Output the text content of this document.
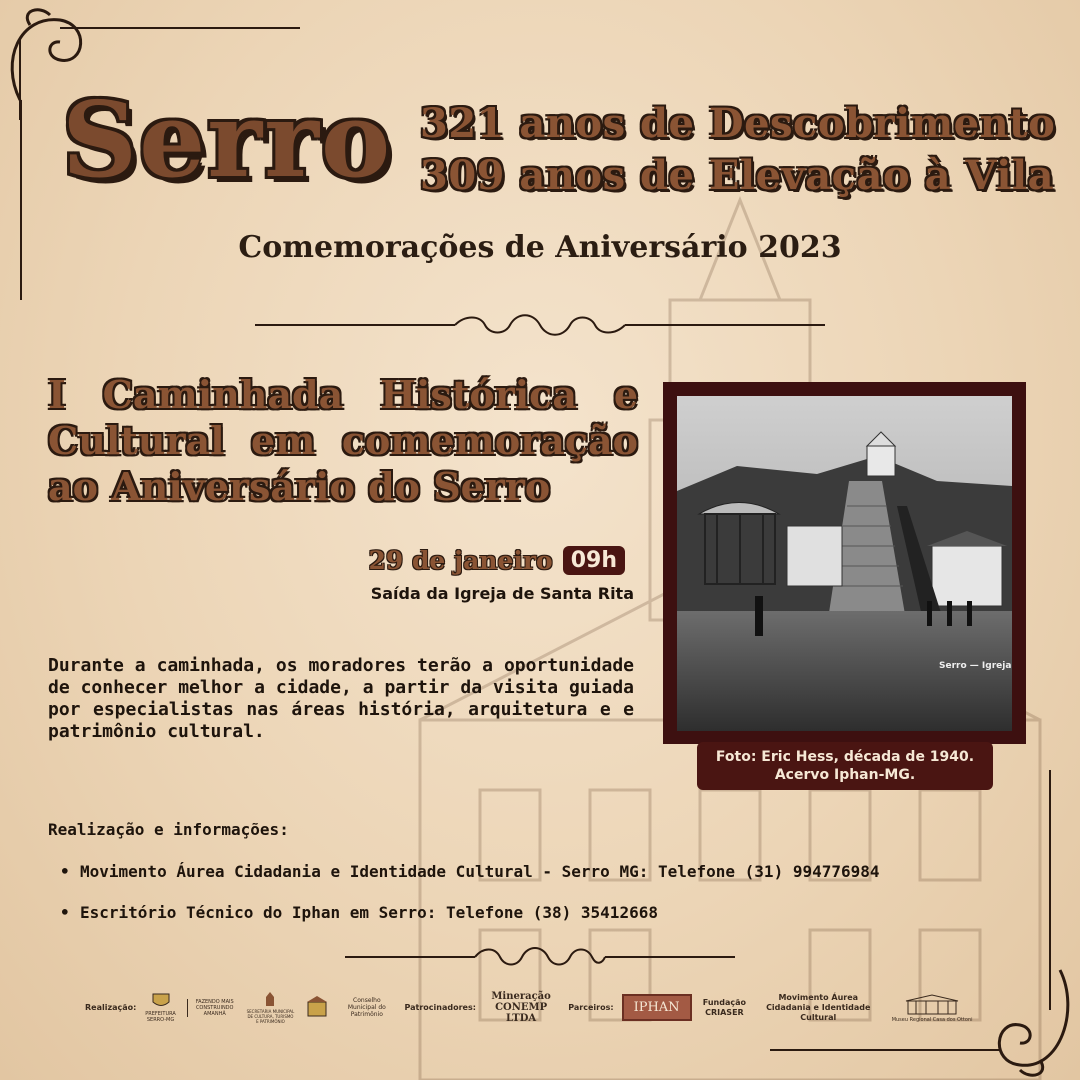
Serro 321 anos de Descobrimento
309 anos de Elevação à Vila
Comemorações de Aniversário 2023
I Caminhada Histórica e Cultural em comemoração ao Aniversário do Serro
29 de janeiro 09h
Saída da Igreja de Santa Rita
Durante a caminhada, os moradores terão a oportunidade de conhecer melhor a cidade, a partir da visita guiada por especialistas nas áreas história, arquitetura e e patrimônio cultural.
Serro — Igreja
Foto: Eric Hess, década de 1940.
Acervo Iphan-MG.
Realização e informações:
• Movimento Áurea Cidadania e Identidade Cultural - Serro MG: Telefone (31) 994776984
• Escritório Técnico do Iphan em Serro: Telefone (38) 35412668
Realização:
PREFEITURA SERRO-MG
FAZENDO MAIS CONSTRUINDO AMANHÃ	SECRETARIA MUNICIPAL DE CULTURA, TURISMO E PATRIMÔNIO
Conselho Municipal do Patrimônio
Patrocinadores:
Mineração CONEMP LTDA
Parceiros:	IPHAN	Fundação CRIASER
Movimento Áurea Cidadania e Identidade Cultural	Museu Regional Casa dos Ottoni
